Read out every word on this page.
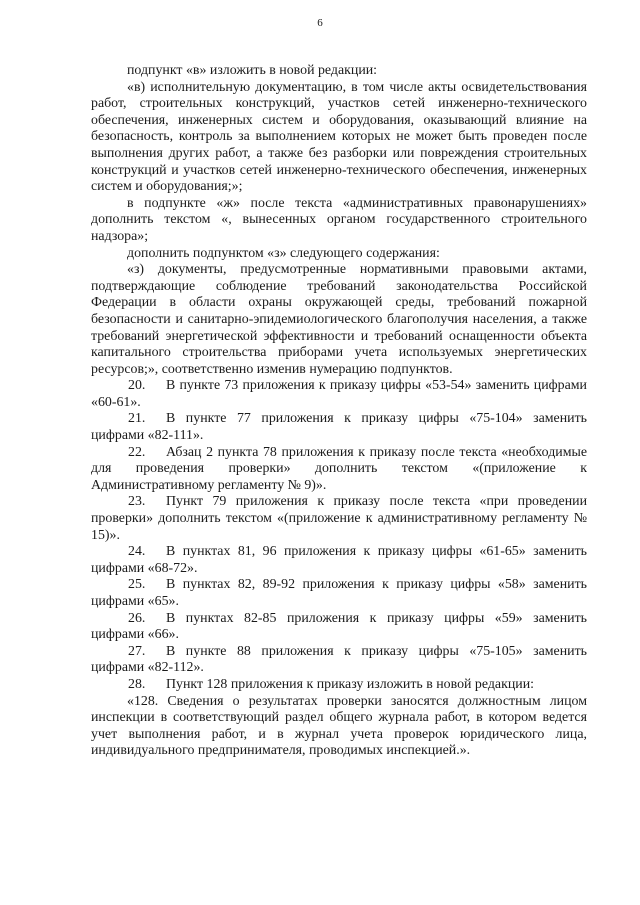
6

подпункт «в» изложить в новой редакции:

«в) исполнительную документацию, в том числе акты освидетельствования работ, строительных конструкций, участков сетей инженерно-технического обеспечения, инженерных систем и оборудования, оказывающий влияние на безопасность, контроль за выполнением которых не может быть проведен после выполнения других работ, а также без разборки или повреждения строительных конструкций и участков сетей инженерно-технического обеспечения, инженерных систем и оборудования;»;

в подпункте «ж» после текста «административных правонарушениях» дополнить текстом «, вынесенных органом государственного строительного надзора»;

дополнить подпунктом «з» следующего содержания:

«з) документы, предусмотренные нормативными правовыми актами, подтверждающие соблюдение требований законодательства Российской Федерации в области охраны окружающей среды, требований пожарной безопасности и санитарно-эпидемиологического благополучия населения, а также требований энергетической эффективности и требований оснащенности объекта капитального строительства приборами учета используемых энергетических ресурсов;», соответственно изменив нумерацию подпунктов.

20. В пункте 73 приложения к приказу цифры «53-54» заменить цифрами «60-61».

21. В пункте 77 приложения к приказу цифры «75-104» заменить цифрами «82-111».

22. Абзац 2 пункта 78 приложения к приказу после текста «необходимые для проведения проверки» дополнить текстом «(приложение к Административному регламенту № 9)».

23. Пункт 79 приложения к приказу после текста «при проведении проверки» дополнить текстом «(приложение к административному регламенту № 15)».

24. В пунктах 81, 96 приложения к приказу цифры «61-65» заменить цифрами «68-72».

25. В пунктах 82, 89-92 приложения к приказу цифры «58» заменить цифрами «65».

26. В пунктах 82-85 приложения к приказу цифры «59» заменить цифрами «66».

27. В пункте 88 приложения к приказу цифры «75-105» заменить цифрами «82-112».

28. Пункт 128 приложения к приказу изложить в новой редакции:

«128. Сведения о результатах проверки заносятся должностным лицом инспекции в соответствующий раздел общего журнала работ, в котором ведется учет выполнения работ, и в журнал учета проверок юридического лица, индивидуального предпринимателя, проводимых инспекцией.».
